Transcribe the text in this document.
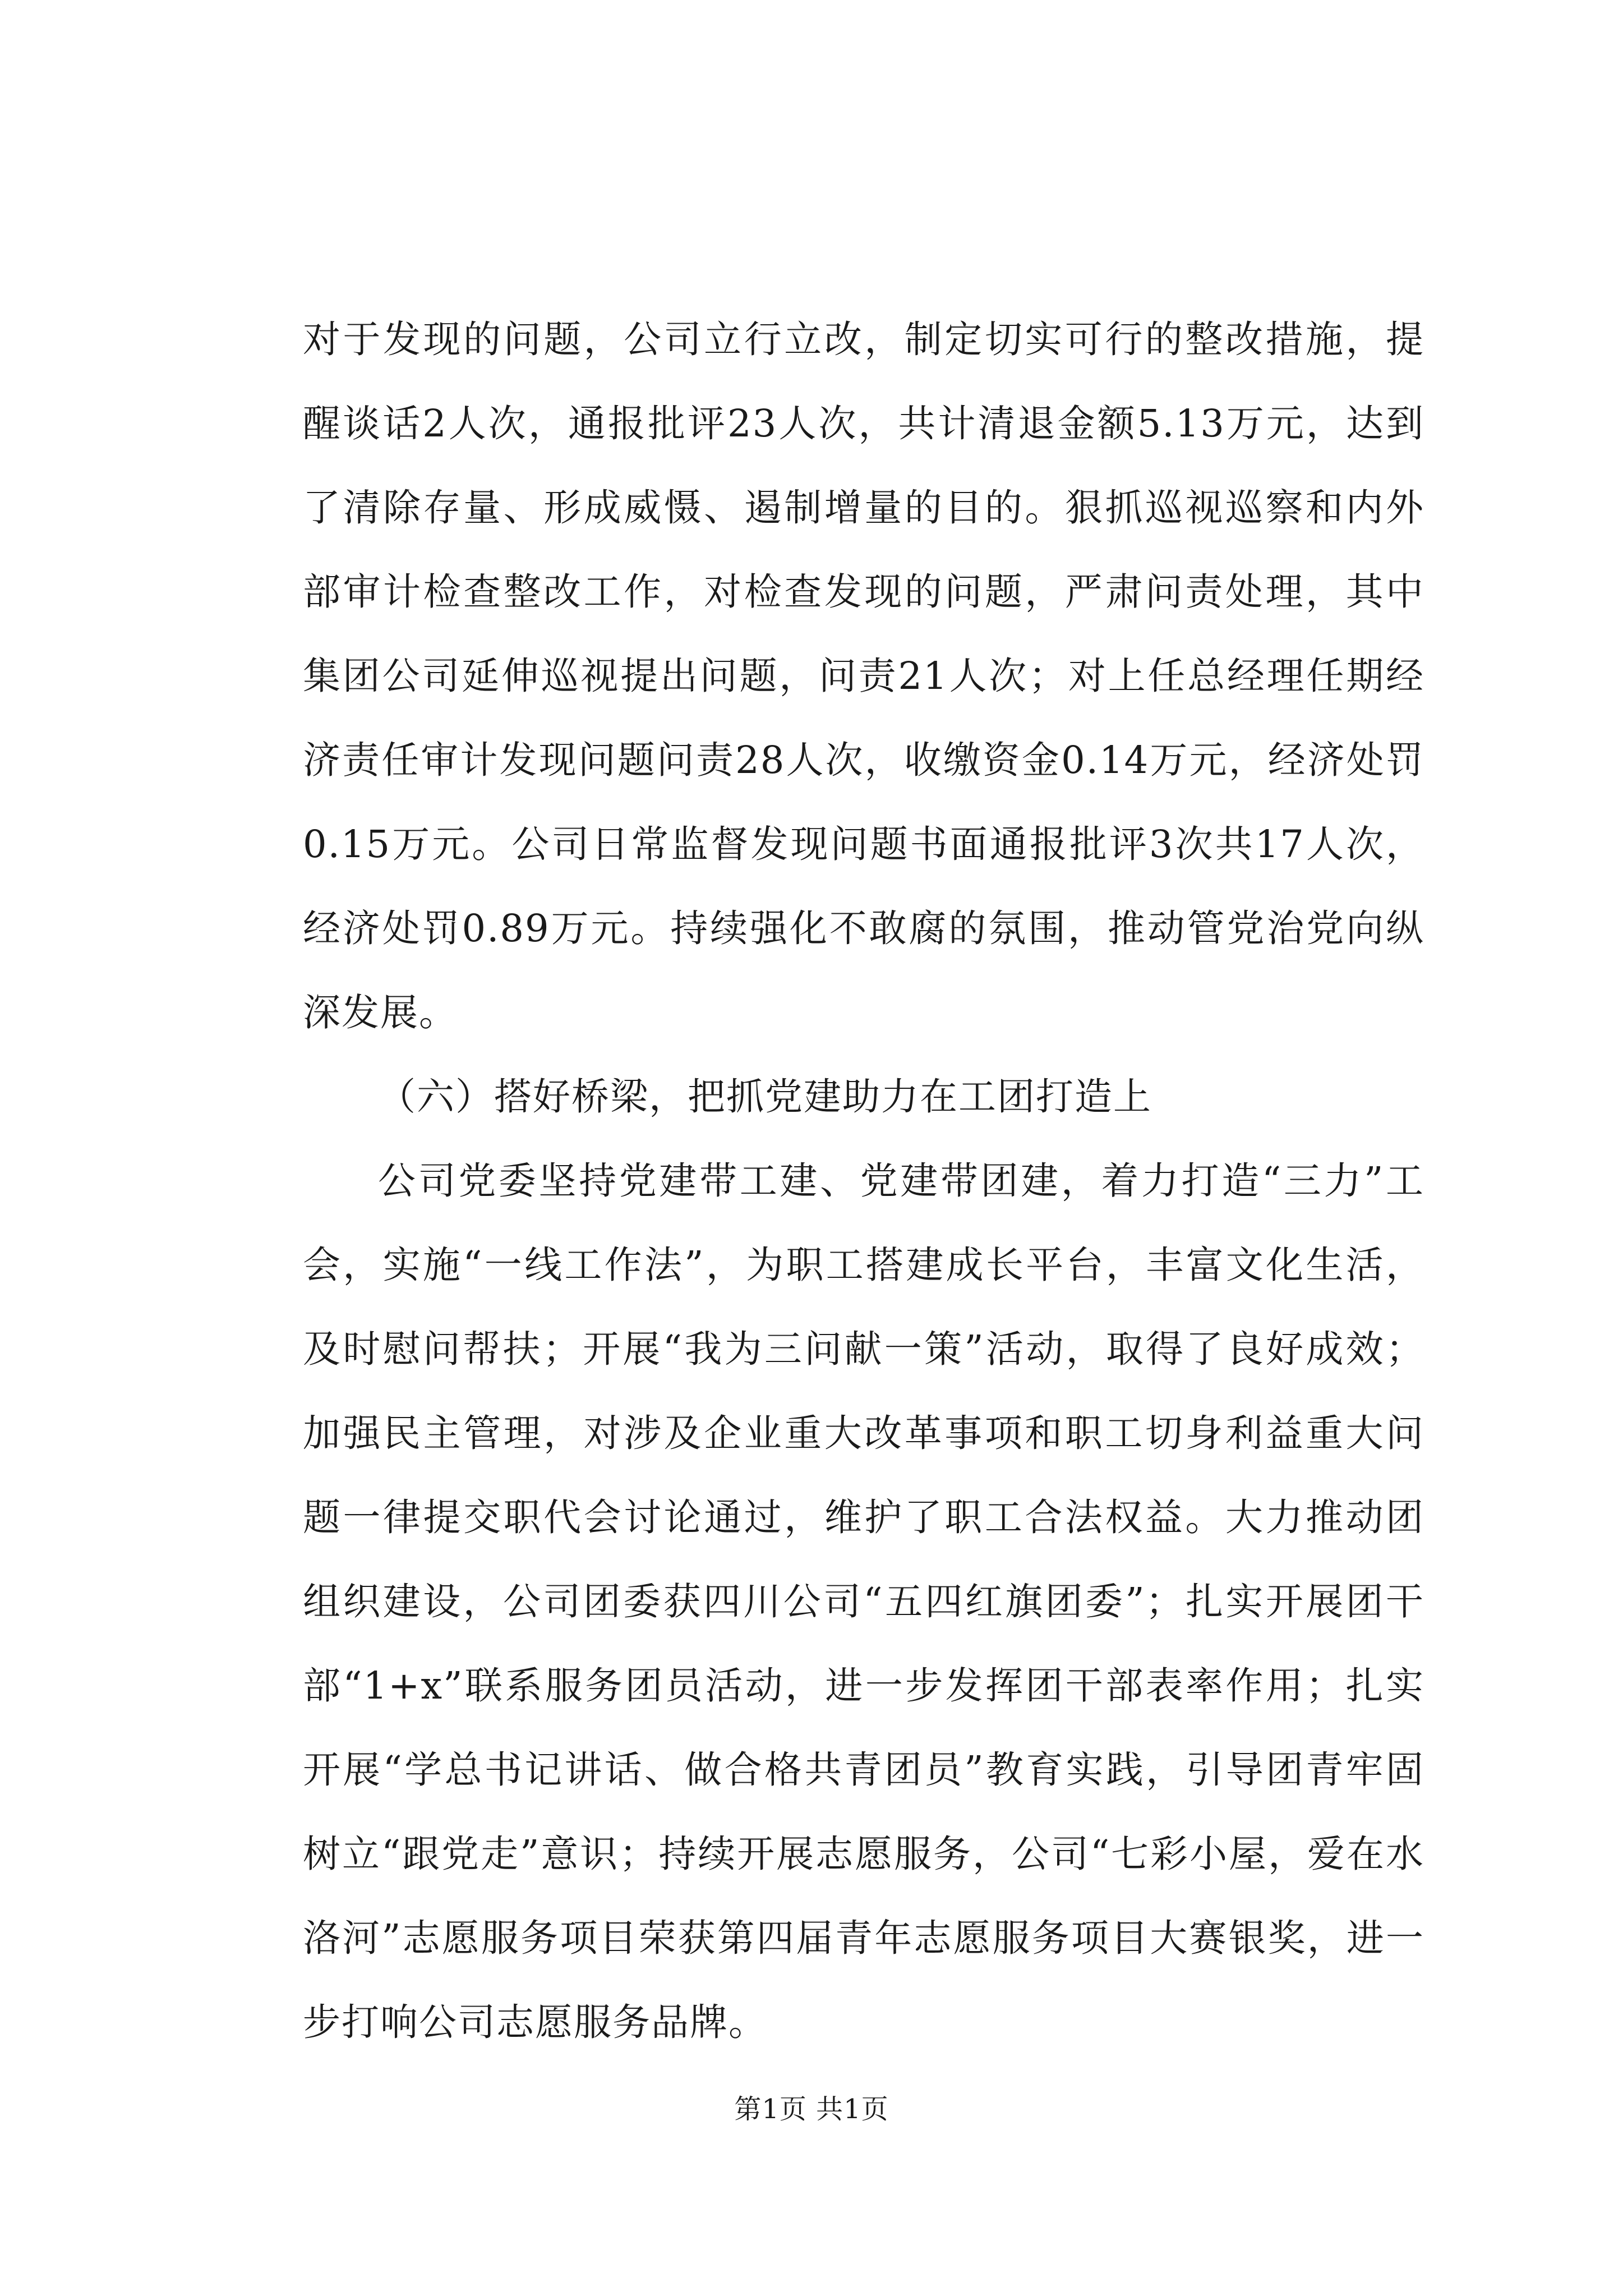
对于发现的问题，公司立行立改，制定切实可行的整改措施，提醒谈话2人次，通报批评23人次，共计清退金额5.13万元，达到了清除存量、形成威慑、遏制增量的目的。狠抓巡视巡察和内外部审计检查整改工作，对检查发现的问题，严肃问责处理，其中集团公司延伸巡视提出问题，问责21人次；对上任总经理任期经济责任审计发现问题问责28人次，收缴资金0.14万元，经济处罚0.15万元。公司日常监督发现问题书面通报批评3次共17人次，经济处罚0.89万元。持续强化不敢腐的氛围，推动管党治党向纵深发展。

（六）搭好桥梁，把抓党建助力在工团打造上

公司党委坚持党建带工建、党建带团建，着力打造“三力”工会，实施“一线工作法”，为职工搭建成长平台，丰富文化生活，及时慰问帮扶；开展“我为三问献一策”活动，取得了良好成效；加强民主管理，对涉及企业重大改革事项和职工切身利益重大问题一律提交职代会讨论通过，维护了职工合法权益。大力推动团组织建设，公司团委获四川公司“五四红旗团委”；扎实开展团干部“1+x”联系服务团员活动，进一步发挥团干部表率作用；扎实开展“学总书记讲话、做合格共青团员”教育实践，引导团青牢固树立“跟党走”意识；持续开展志愿服务，公司“七彩小屋，爱在水洛河”志愿服务项目荣获第四届青年志愿服务项目大赛银奖，进一步打响公司志愿服务品牌。

第1页 共1页
